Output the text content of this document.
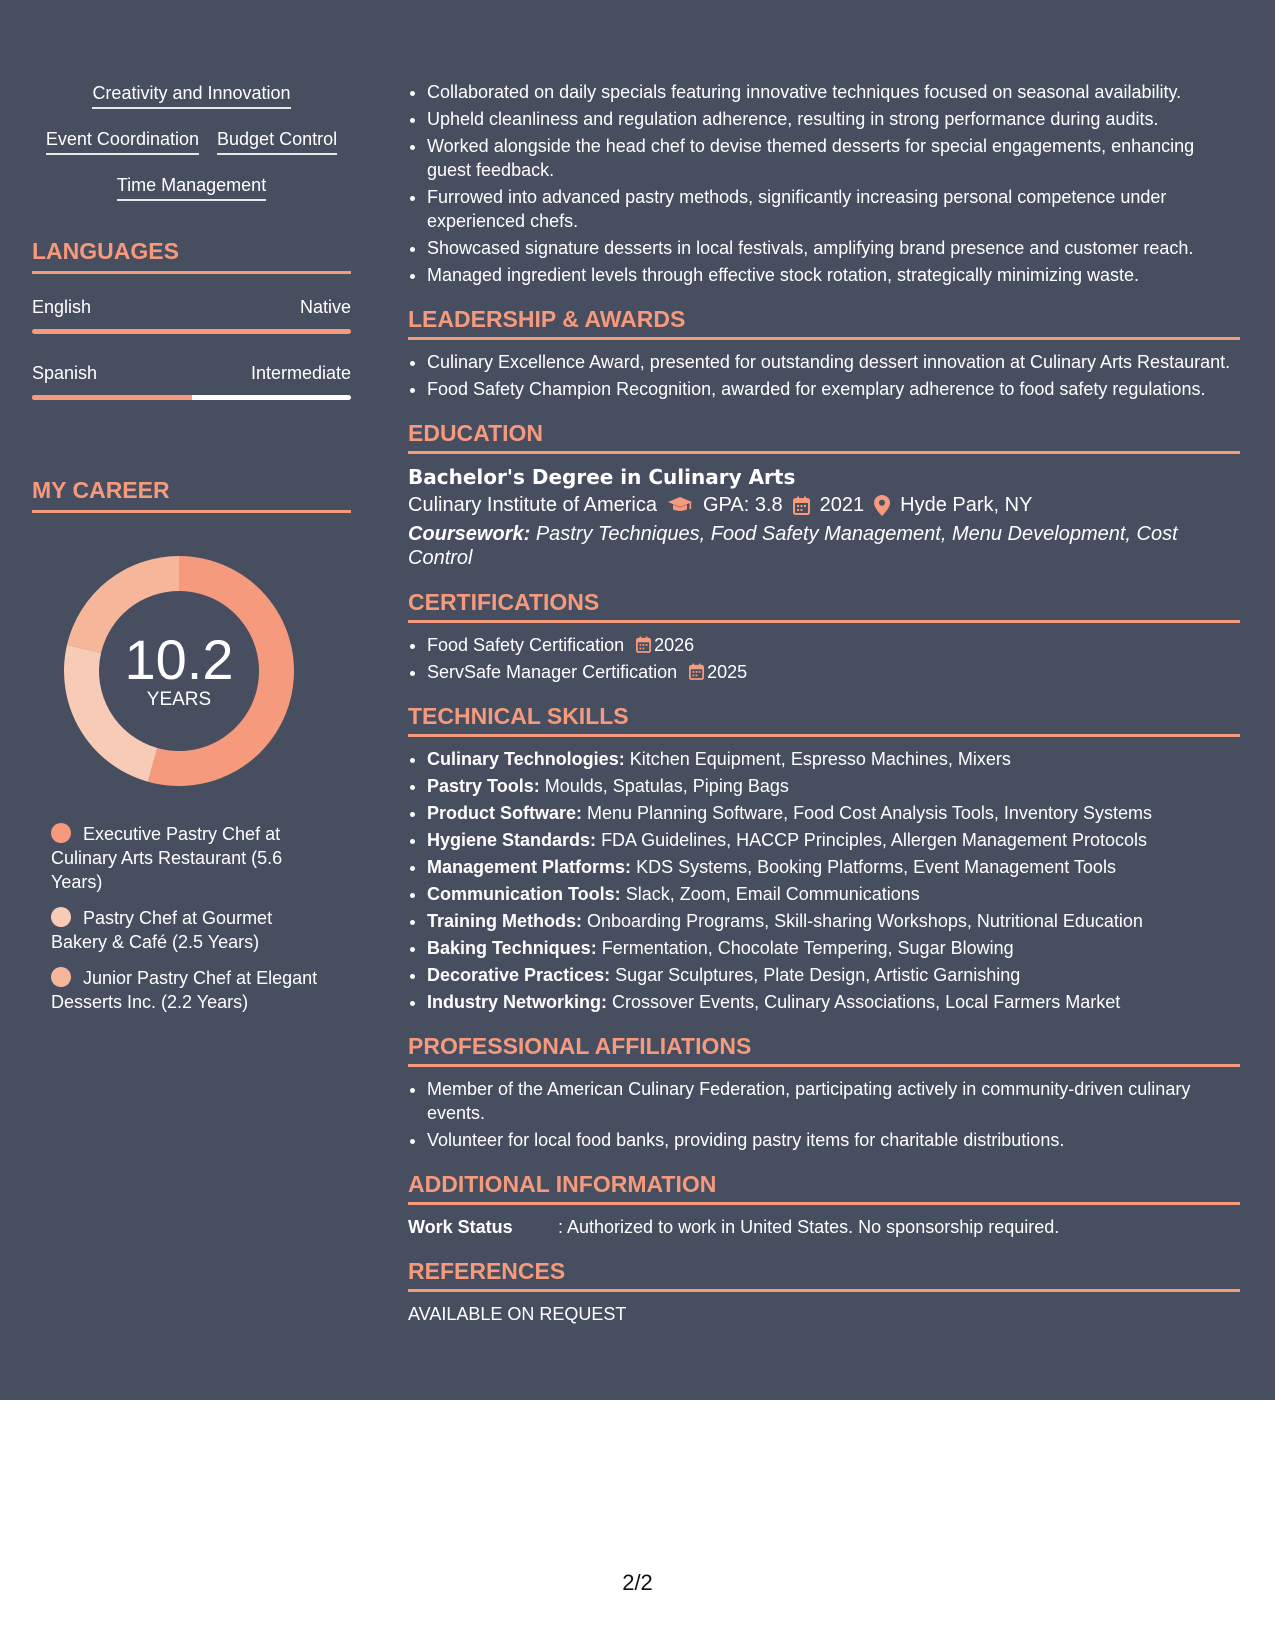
Creativity and Innovation
Event Coordination Budget Control
Time Management
LANGUAGES
English	Native
Spanish	Intermediate
MY CAREER
10.2
YEARS
Executive Pastry Chef at Culinary Arts Restaurant (5.6 Years)
Pastry Chef at Gourmet Bakery & Café (2.5 Years)
Junior Pastry Chef at Elegant Desserts Inc. (2.2 Years)
• Collaborated on daily specials featuring innovative techniques focused on seasonal availability.
• Upheld cleanliness and regulation adherence, resulting in strong performance during audits.
• Worked alongside the head chef to devise themed desserts for special engagements, enhancing guest feedback.
• Furrowed into advanced pastry methods, significantly increasing personal competence under experienced chefs.
• Showcased signature desserts in local festivals, amplifying brand presence and customer reach.
• Managed ingredient levels through effective stock rotation, strategically minimizing waste.
LEADERSHIP & AWARDS
• Culinary Excellence Award, presented for outstanding dessert innovation at Culinary Arts Restaurant.
• Food Safety Champion Recognition, awarded for exemplary adherence to food safety regulations.
EDUCATION
Bachelor's Degree in Culinary Arts
Culinary Institute of America GPA: 3.8 2021 Hyde Park, NY
Coursework: Pastry Techniques, Food Safety Management, Menu Development, Cost Control
CERTIFICATIONS
• Food Safety Certification 2026
• ServSafe Manager Certification 2025
TECHNICAL SKILLS
• Culinary Technologies: Kitchen Equipment, Espresso Machines, Mixers
• Pastry Tools: Moulds, Spatulas, Piping Bags
• Product Software: Menu Planning Software, Food Cost Analysis Tools, Inventory Systems
• Hygiene Standards: FDA Guidelines, HACCP Principles, Allergen Management Protocols
• Management Platforms: KDS Systems, Booking Platforms, Event Management Tools
• Communication Tools: Slack, Zoom, Email Communications
• Training Methods: Onboarding Programs, Skill-sharing Workshops, Nutritional Education
• Baking Techniques: Fermentation, Chocolate Tempering, Sugar Blowing
• Decorative Practices: Sugar Sculptures, Plate Design, Artistic Garnishing
• Industry Networking: Crossover Events, Culinary Associations, Local Farmers Market
PROFESSIONAL AFFILIATIONS
• Member of the American Culinary Federation, participating actively in community-driven culinary events.
• Volunteer for local food banks, providing pastry items for charitable distributions.
ADDITIONAL INFORMATION
Work Status	: Authorized to work in United States. No sponsorship required.
REFERENCES
AVAILABLE ON REQUEST
2/2
